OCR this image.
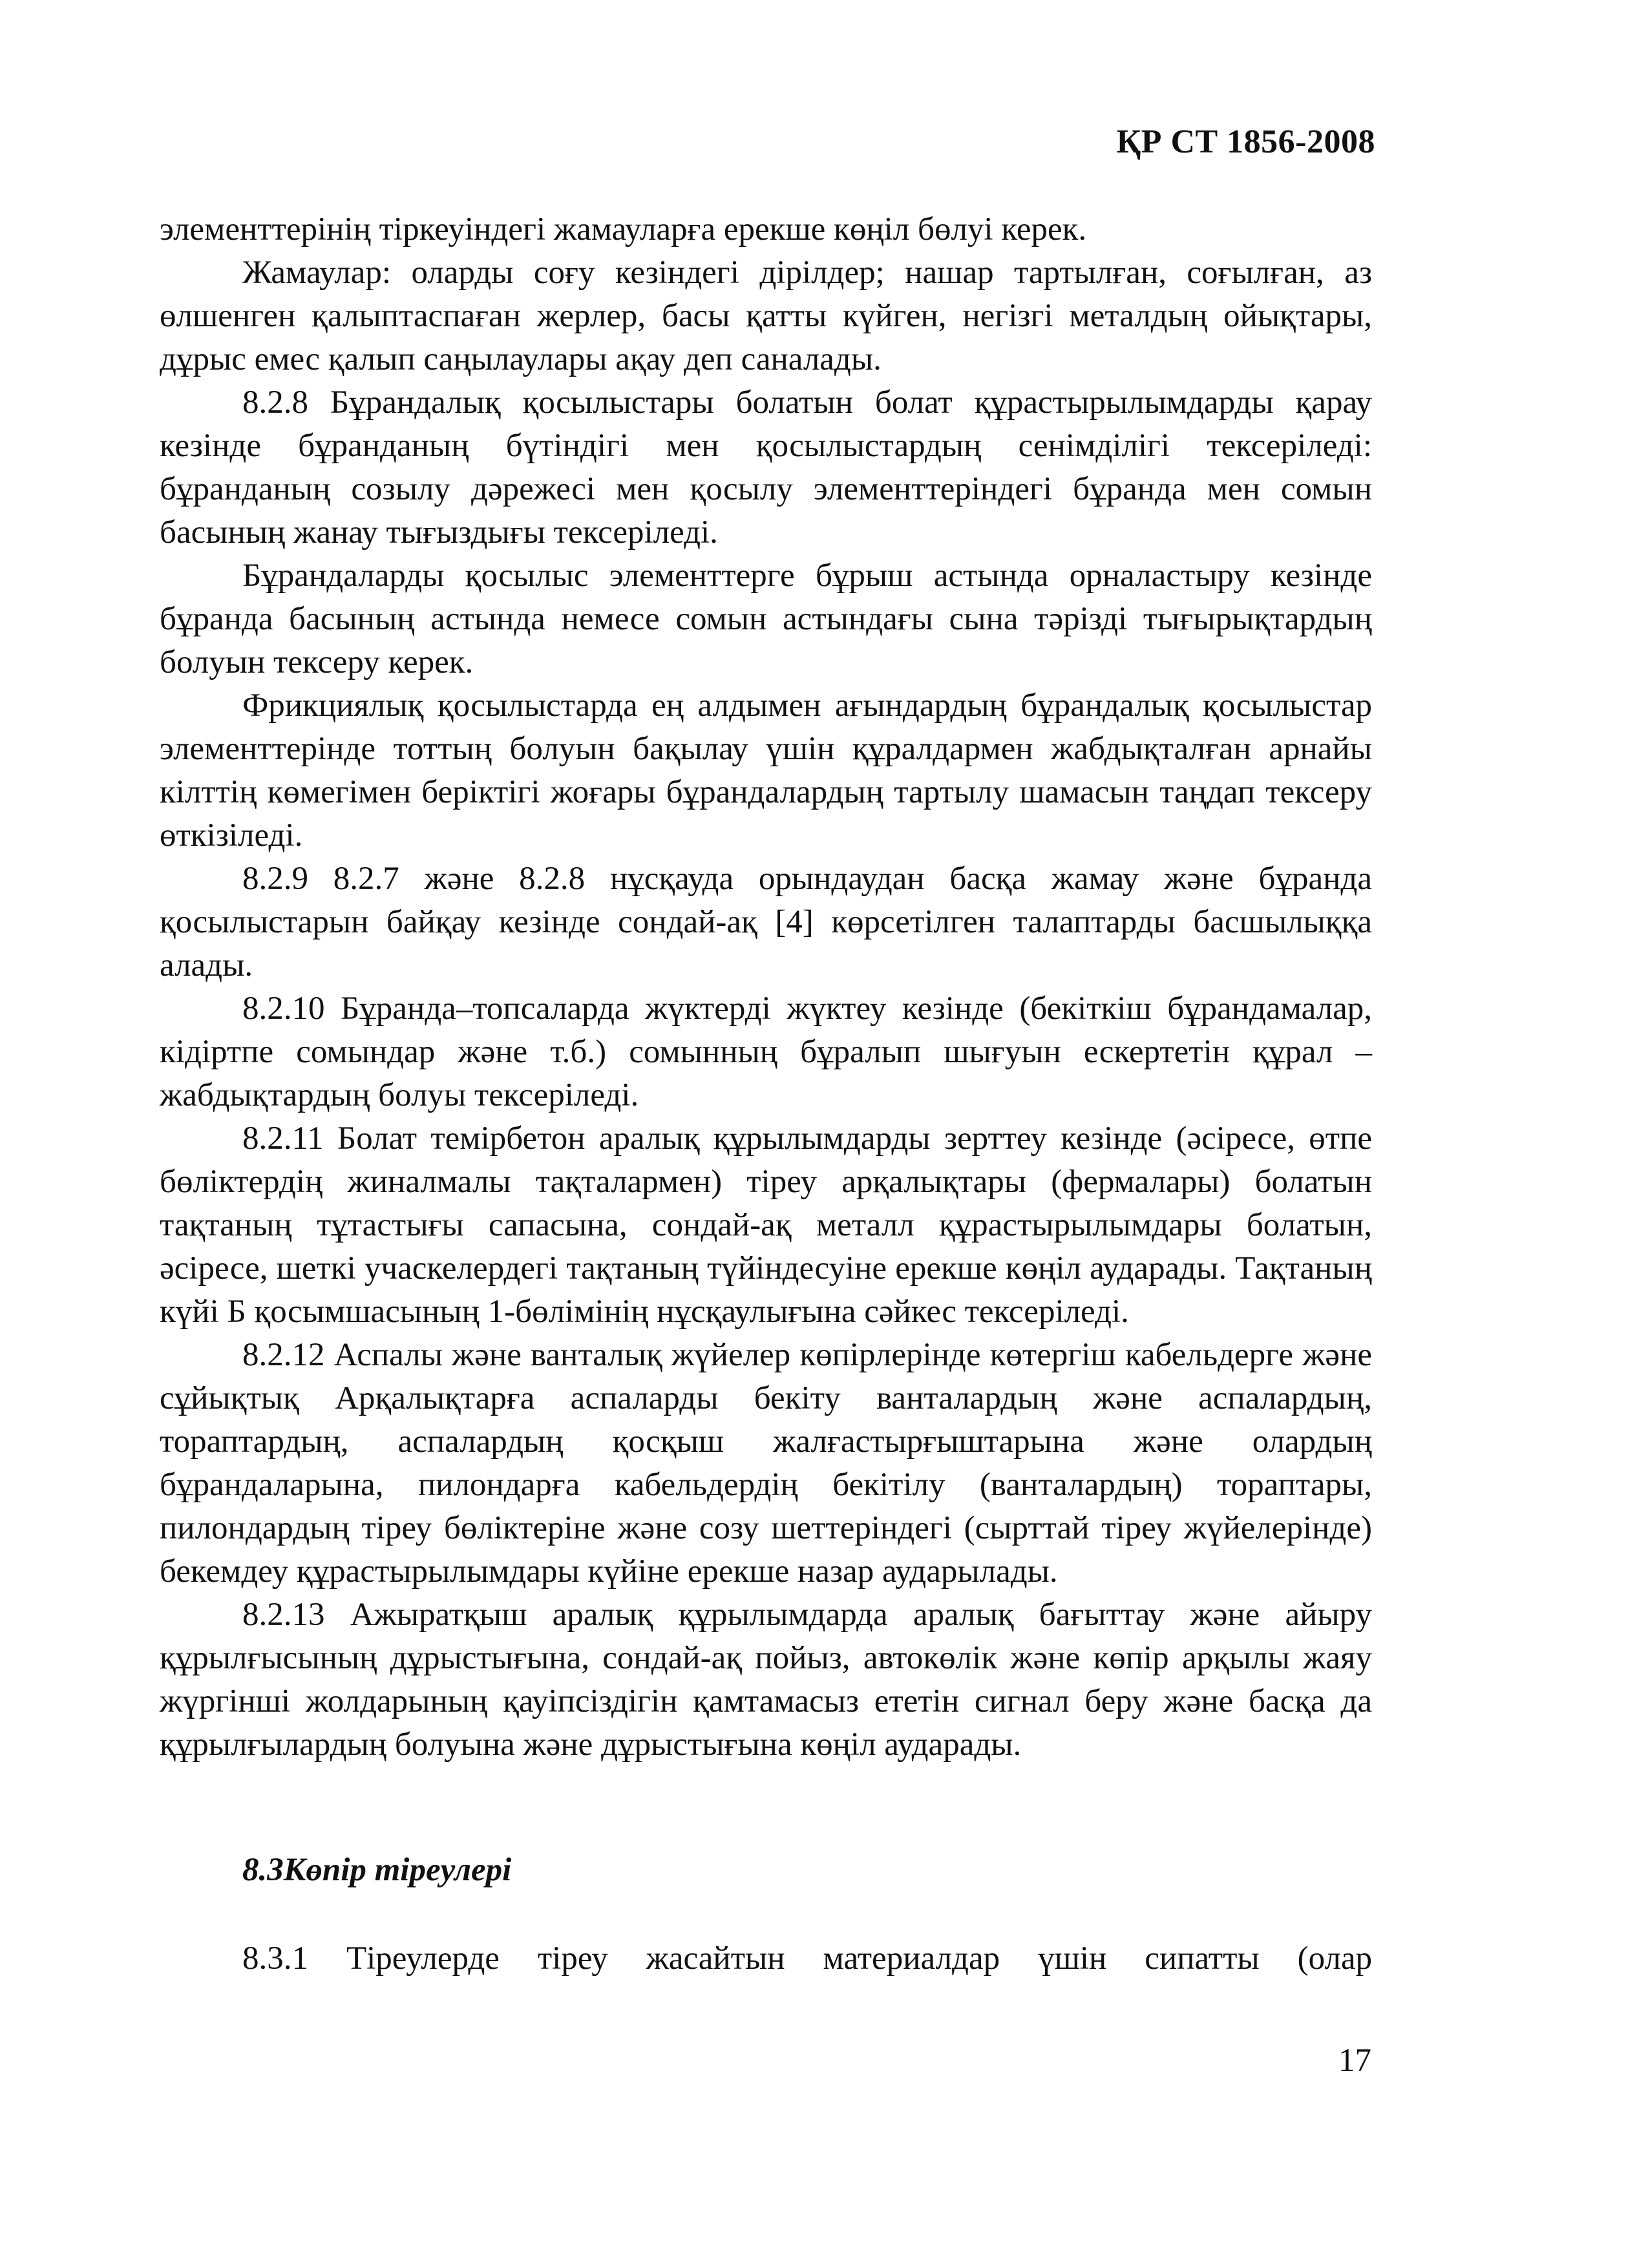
ҚР СТ 1856-2008

элементтерінің тіркеуіндегі жамауларға ерекше көңіл бөлуі керек.

Жамаулар: оларды соғу кезіндегі дірілдер; нашар тартылған, соғылған, аз өлшенген қалыптаспаған жерлер, басы қатты күйген, негізгі металдың ойықтары, дұрыс емес қалып саңылаулары ақау деп саналады.

8.2.8 Бұрандалық қосылыстары болатын болат құрастырылымдарды қарау кезінде бұранданың бүтіндігі мен қосылыстардың сенімділігі тексеріледі: бұранданың созылу дәрежесі мен қосылу элементтеріндегі бұранда мен сомын басының жанау тығыздығы тексеріледі.

Бұрандаларды қосылыс элементтерге бұрыш астында орналастыру кезінде бұранда басының астында немесе сомын астындағы сына тәрізді тығырықтардың болуын тексеру керек.

Фрикциялық қосылыстарда ең алдымен ағындардың бұрандалық қосылыстар элементтерінде тоттың болуын бақылау үшін құралдармен жабдықталған арнайы кілттің көмегімен беріктігі жоғары бұрандалардың тартылу шамасын таңдап тексеру өткізіледі.

8.2.9 8.2.7 және 8.2.8 нұсқауда орындаудан басқа жамау және бұранда қосылыстарын байқау кезінде сондай-ақ [4] көрсетілген талаптарды басшылыққа алады.

8.2.10 Бұранда–топсаларда жүктерді жүктеу кезінде (бекіткіш бұрандамалар, кідіртпе сомындар және т.б.) сомынның бұралып шығуын ескертетін құрал – жабдықтардың болуы тексеріледі.

8.2.11 Болат темірбетон аралық құрылымдарды зерттеу кезінде (әсіресе, өтпе бөліктердің жиналмалы тақталармен) тіреу арқалықтары (фермалары) болатын тақтаның тұтастығы сапасына, сондай-ақ металл құрастырылымдары болатын, әсіресе, шеткі учаскелердегі тақтаның түйіндесуіне ерекше көңіл аударады. Тақтаның күйі Б қосымшасының 1-бөлімінің нұсқаулығына сәйкес тексеріледі.

8.2.12 Аспалы және ванталық жүйелер көпірлерінде көтергіш кабельдерге және сұйықтық Арқалықтарға аспаларды бекіту ванталардың және аспалардың, тораптардың, аспалардың қосқыш жалғастырғыштарына және олардың бұрандаларына, пилондарға кабельдердің бекітілу (ванталардың) тораптары, пилондардың тіреу бөліктеріне және созу шеттеріндегі (сырттай тіреу жүйелерінде) бекемдеу құрастырылымдары күйіне ерекше назар аударылады.

8.2.13 Ажыратқыш аралық құрылымдарда аралық бағыттау және айыру құрылғысының дұрыстығына, сондай-ақ пойыз, автокөлік және көпір арқылы жаяу жүргінші жолдарының қауіпсіздігін қамтамасыз ететін сигнал беру және басқа да құрылғылардың болуына және дұрыстығына көңіл аударады.

8.3Көпір тіреулері

8.3.1 Тіреулерде тіреу жасайтын материалдар үшін сипатты (олар

17
